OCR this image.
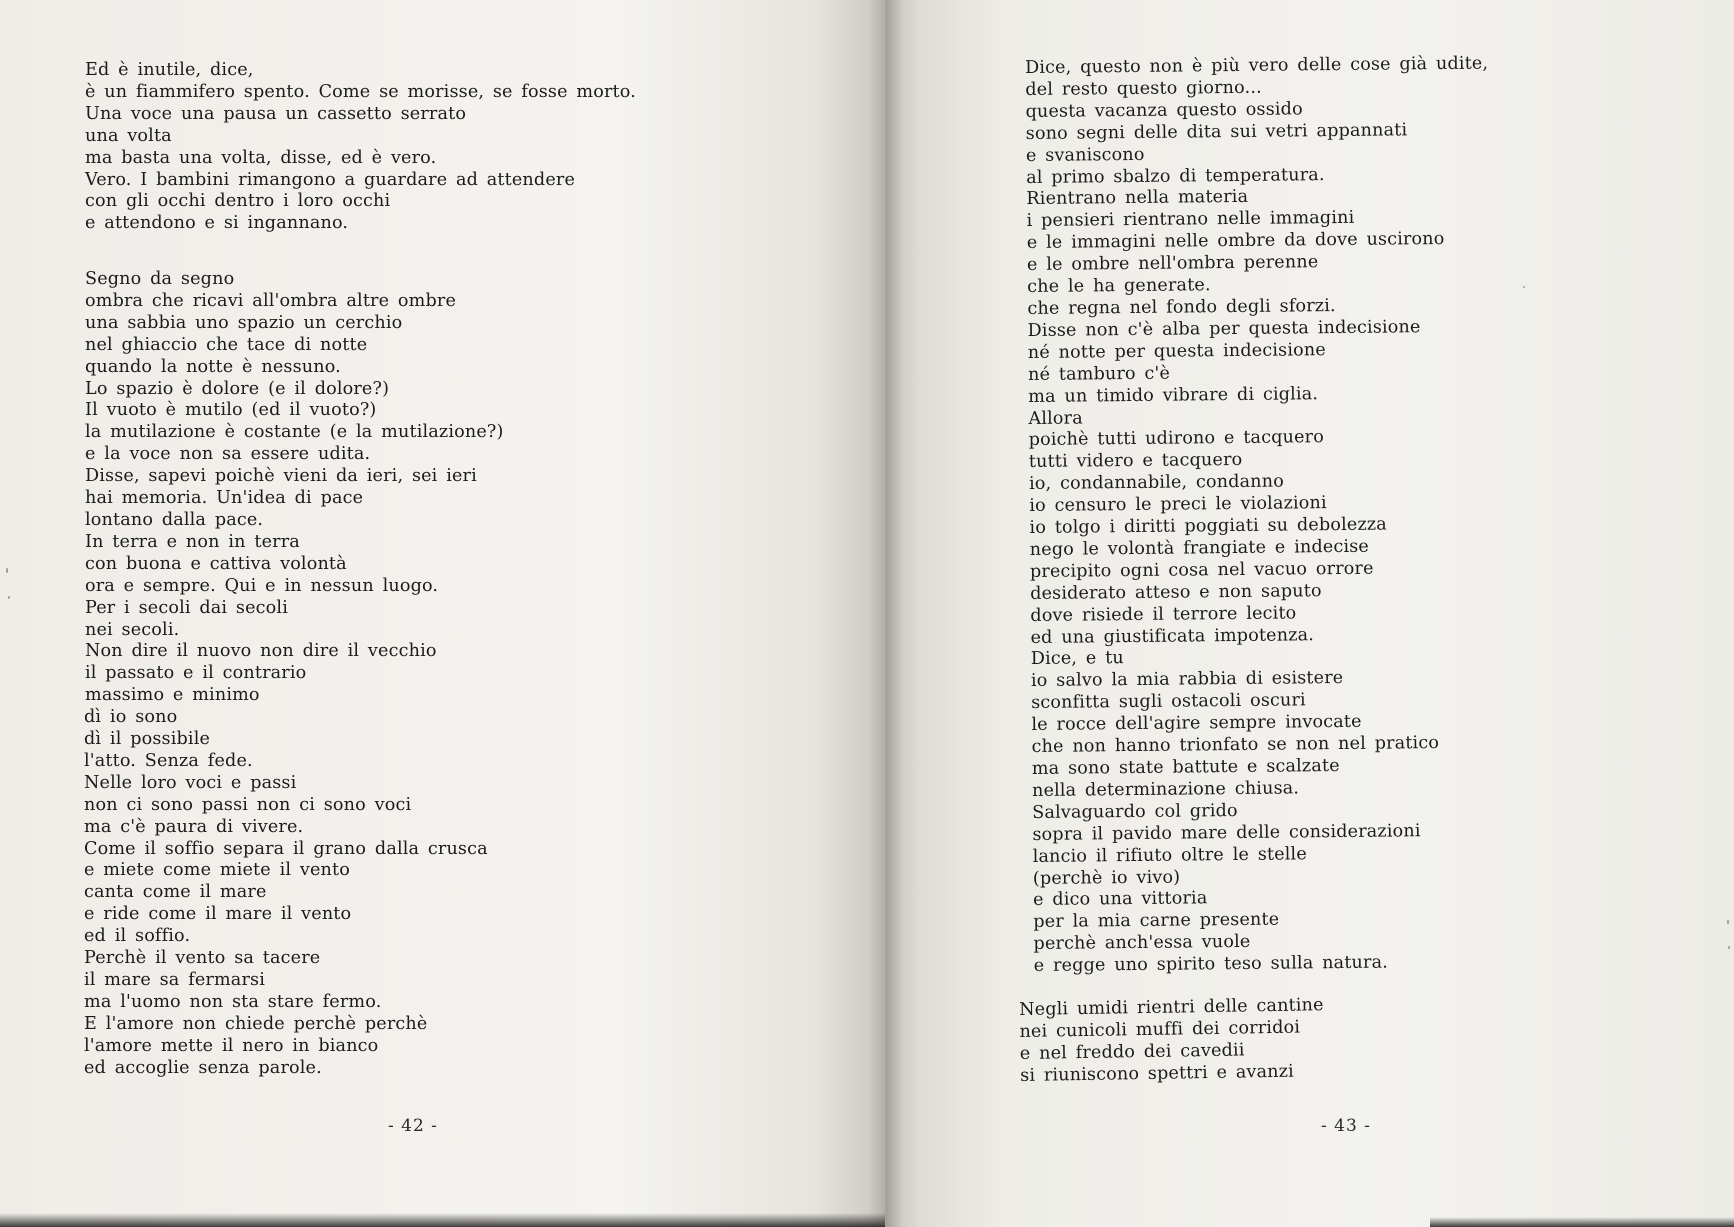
Ed è inutile, dice,
è un fiammifero spento. Come se morisse, se fosse morto.
Una voce una pausa un cassetto serrato
una volta
ma basta una volta, disse, ed è vero.
Vero. I bambini rimangono a guardare ad attendere
con gli occhi dentro i loro occhi
e attendono e si ingannano.
Segno da segno
ombra che ricavi all'ombra altre ombre
una sabbia uno spazio un cerchio
nel ghiaccio che tace di notte
quando la notte è nessuno.
Lo spazio è dolore (e il dolore?)
Il vuoto è mutilo (ed il vuoto?)
la mutilazione è costante (e la mutilazione?)
e la voce non sa essere udita.
Disse, sapevi poichè vieni da ieri, sei ieri
hai memoria. Un'idea di pace
lontano dalla pace.
In terra e non in terra
con buona e cattiva volontà
ora e sempre. Qui e in nessun luogo.
Per i secoli dai secoli
nei secoli.
Non dire il nuovo non dire il vecchio
il passato e il contrario
massimo e minimo
dì io sono
dì il possibile
l'atto. Senza fede.
Nelle loro voci e passi
non ci sono passi non ci sono voci
ma c'è paura di vivere.
Come il soffio separa il grano dalla crusca
e miete come miete il vento
canta come il mare
e ride come il mare il vento
ed il soffio.
Perchè il vento sa tacere
il mare sa fermarsi
ma l'uomo non sta stare fermo.
E l'amore non chiede perchè perchè
l'amore mette il nero in bianco
ed accoglie senza parole.
- 42 -	- 43 -
Dice, questo non è più vero delle cose già udite,
del resto questo giorno...
questa vacanza questo ossido
sono segni delle dita sui vetri appannati
e svaniscono
al primo sbalzo di temperatura.
Rientrano nella materia
i pensieri rientrano nelle immagini
e le immagini nelle ombre da dove uscirono
e le ombre nell'ombra perenne
che le ha generate.
che regna nel fondo degli sforzi.
Disse non c'è alba per questa indecisione
né notte per questa indecisione
né tamburo c'è
ma un timido vibrare di ciglia.
Allora
poichè tutti udirono e tacquero
tutti videro e tacquero
io, condannabile, condanno
io censuro le preci le violazioni
io tolgo i diritti poggiati su debolezza
nego le volontà frangiate e indecise
precipito ogni cosa nel vacuo orrore
desiderato atteso e non saputo
dove risiede il terrore lecito
ed una giustificata impotenza.
Dice, e tu
io salvo la mia rabbia di esistere
sconfitta sugli ostacoli oscuri
le rocce dell'agire sempre invocate
che non hanno trionfato se non nel pratico
ma sono state battute e scalzate
nella determinazione chiusa.
Salvaguardo col grido
sopra il pavido mare delle considerazioni
lancio il rifiuto oltre le stelle
(perchè io vivo)
e dico una vittoria
per la mia carne presente
perchè anch'essa vuole
e regge uno spirito teso sulla natura.
Negli umidi rientri delle cantine
nei cunicoli muffi dei corridoi
e nel freddo dei cavedii
si riuniscono spettri e avanzi
